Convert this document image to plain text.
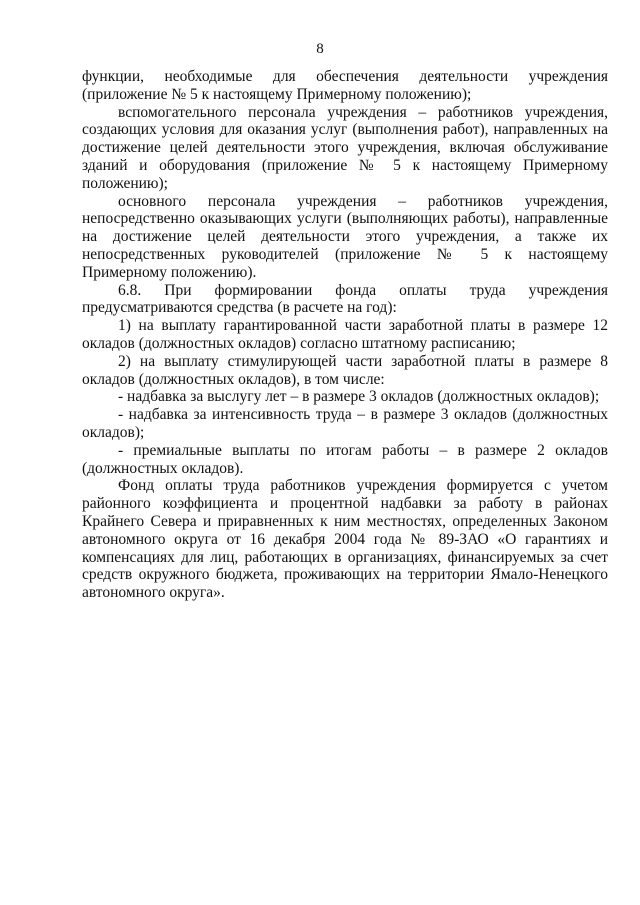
8

функции, необходимые для обеспечения деятельности учреждения (приложение № 5 к настоящему Примерному положению);

вспомогательного персонала учреждения – работников учреждения, создающих условия для оказания услуг (выполнения работ), направленных на достижение целей деятельности этого учреждения, включая обслуживание зданий и оборудования (приложение № 5 к настоящему Примерному положению);

основного персонала учреждения – работников учреждения, непосредственно оказывающих услуги (выполняющих работы), направленные на достижение целей деятельности этого учреждения, а также их непосредственных руководителей (приложение № 5 к настоящему Примерному положению).

6.8. При формировании фонда оплаты труда учреждения предусматриваются средства (в расчете на год):

1) на выплату гарантированной части заработной платы в размере 12 окладов (должностных окладов) согласно штатному расписанию;

2) на выплату стимулирующей части заработной платы в размере 8 окладов (должностных окладов), в том числе:

- надбавка за выслугу лет – в размере 3 окладов (должностных окладов);

- надбавка за интенсивность труда – в размере 3 окладов (должностных окладов);

- премиальные выплаты по итогам работы – в размере 2 окладов (должностных окладов).

Фонд оплаты труда работников учреждения формируется с учетом районного коэффициента и процентной надбавки за работу в районах Крайнего Севера и приравненных к ним местностях, определенных Законом автономного округа от 16 декабря 2004 года № 89-ЗАО «О гарантиях и компенсациях для лиц, работающих в организациях, финансируемых за счет средств окружного бюджета, проживающих на территории Ямало-Ненецкого автономного округа».
